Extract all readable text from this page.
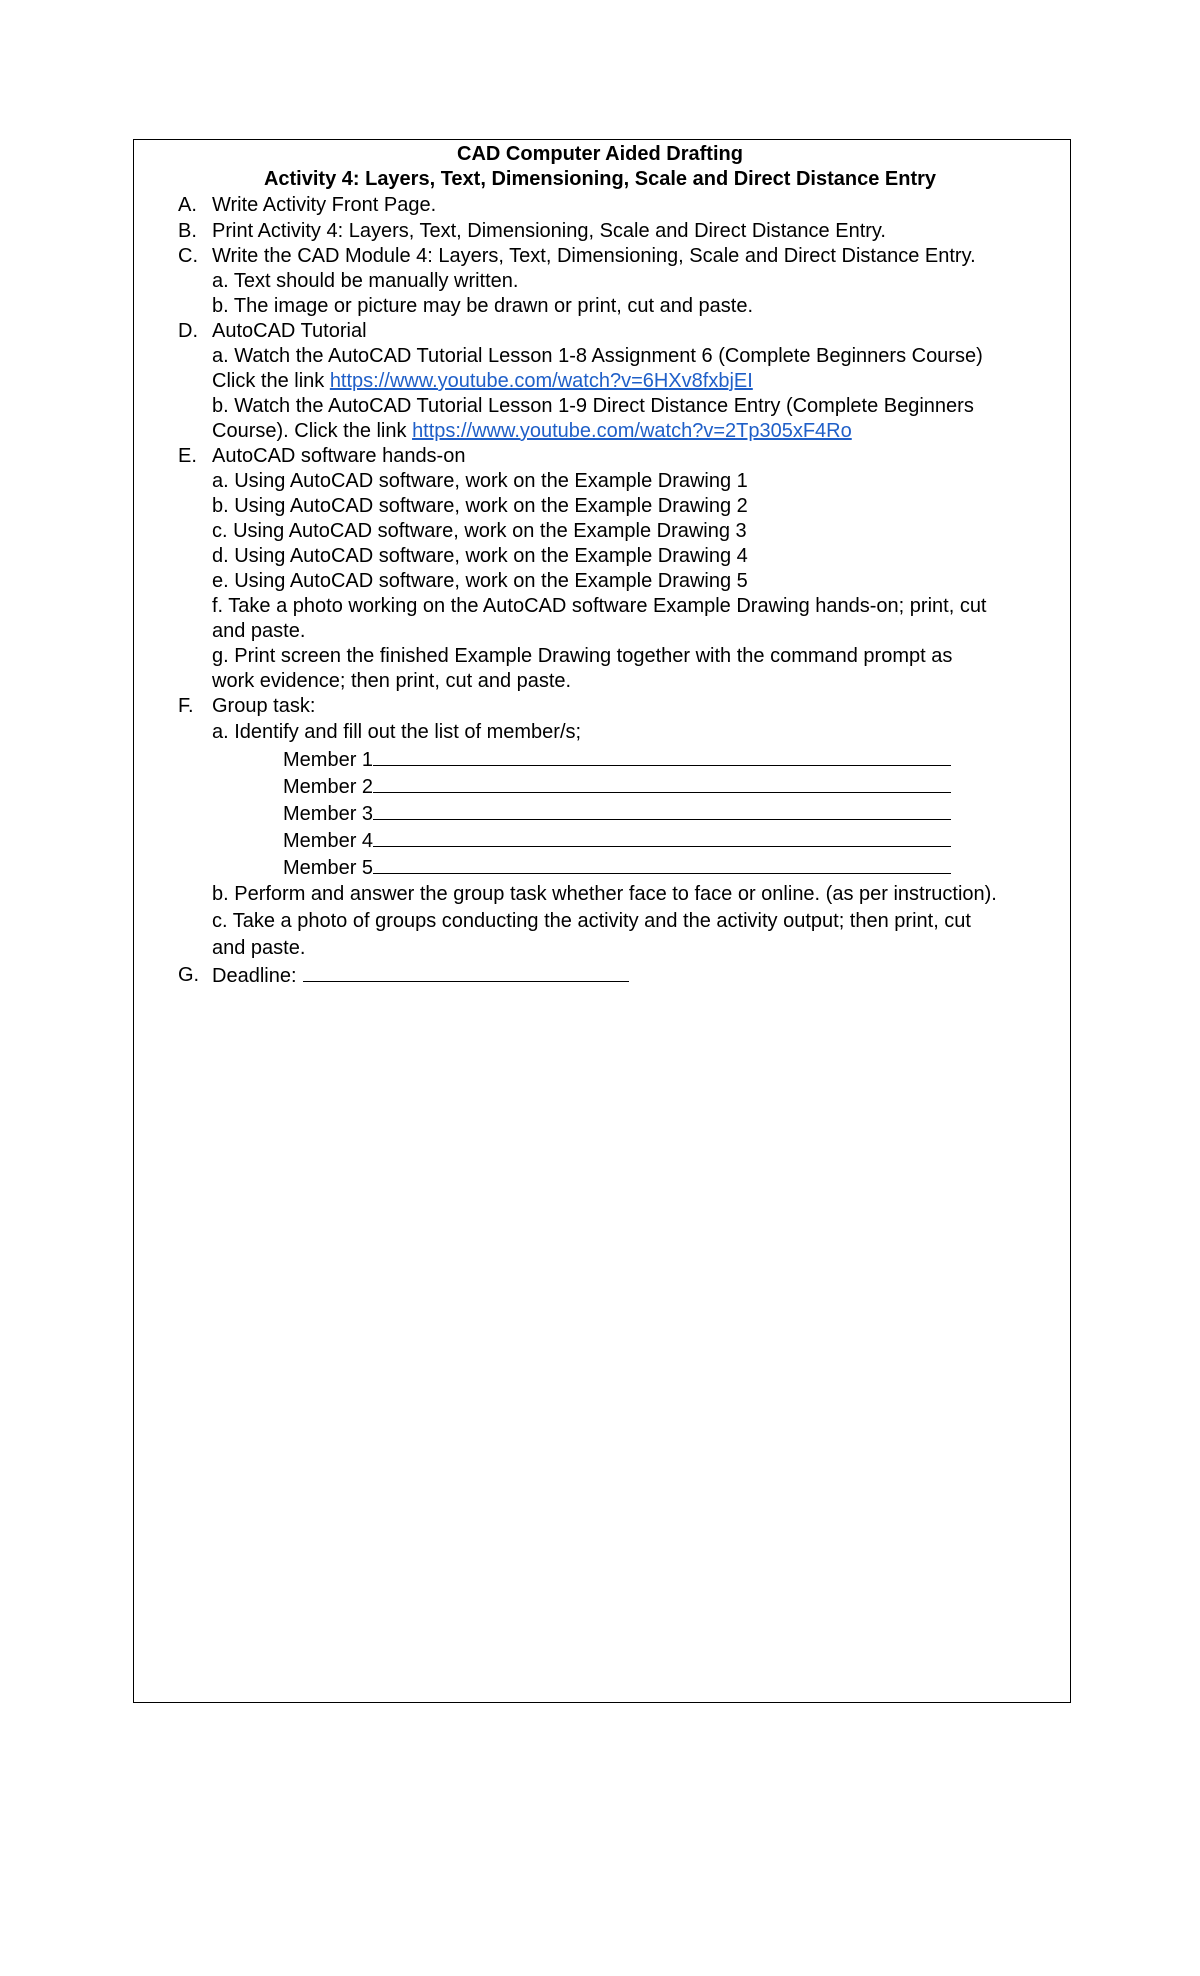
CAD Computer Aided Drafting
Activity 4: Layers, Text, Dimensioning, Scale and Direct Distance Entry
A. Write Activity Front Page.
B. Print Activity 4: Layers, Text, Dimensioning, Scale and Direct Distance Entry.
C. Write the CAD Module 4: Layers, Text, Dimensioning, Scale and Direct Distance Entry.
a. Text should be manually written.
b. The image or picture may be drawn or print, cut and paste.
D. AutoCAD Tutorial
a. Watch the AutoCAD Tutorial Lesson 1-8 Assignment 6 (Complete Beginners Course)
Click the link https://www.youtube.com/watch?v=6HXv8fxbjEI
b. Watch the AutoCAD Tutorial Lesson 1-9 Direct Distance Entry (Complete Beginners
Course). Click the link https://www.youtube.com/watch?v=2Tp305xF4Ro
E. AutoCAD software hands-on
a. Using AutoCAD software, work on the Example Drawing 1
b. Using AutoCAD software, work on the Example Drawing 2
c. Using AutoCAD software, work on the Example Drawing 3
d. Using AutoCAD software, work on the Example Drawing 4
e. Using AutoCAD software, work on the Example Drawing 5
f. Take a photo working on the AutoCAD software Example Drawing hands-on; print, cut
and paste.
g. Print screen the finished Example Drawing together with the command prompt as
work evidence; then print, cut and paste.
F. Group task:
a. Identify and fill out the list of member/s;
Member 1
Member 2
Member 3
Member 4
Member 5
b. Perform and answer the group task whether face to face or online. (as per instruction).
c. Take a photo of groups conducting the activity and the activity output; then print, cut
and paste.
G. Deadline:
